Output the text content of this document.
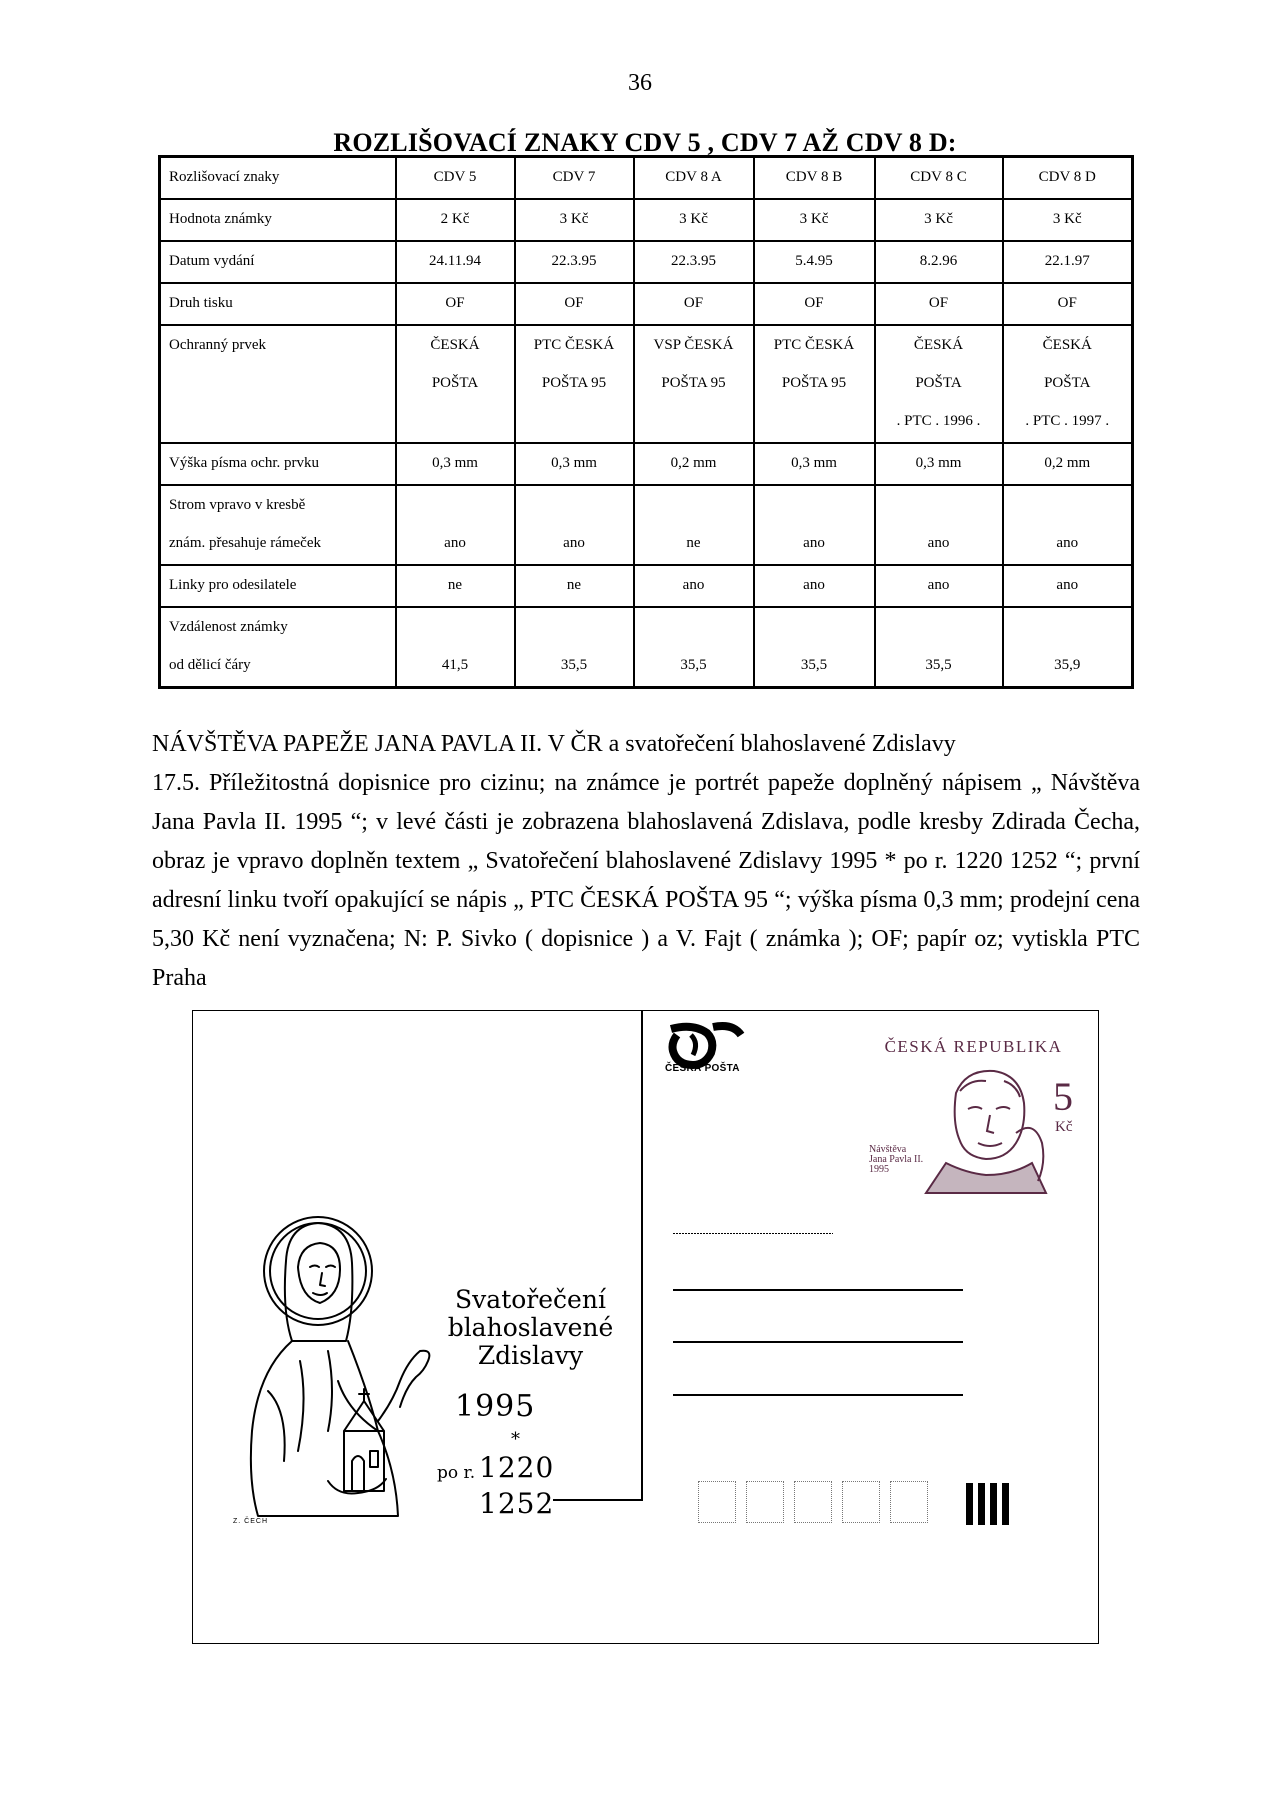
36
ROZLIŠOVACÍ ZNAKY CDV 5 , CDV 7 AŽ CDV 8 D:
Rozlišovací znaky	CDV 5	CDV 7	CDV 8 A	CDV 8 B	CDV 8 C	CDV 8 D

Hodnota známky	2 Kč	3 Kč	3 Kč	3 Kč	3 Kč	3 Kč

Datum vydání	24.11.94	22.3.95	22.3.95	5.4.95	8.2.96	22.1.97

Druh tisku	OF	OF	OF	OF	OF	OF

Ochranný prvek	ČESKÁ
POŠTA	PTC ČESKÁ
POŠTA 95	VSP ČESKÁ
POŠTA 95	PTC ČESKÁ
POŠTA 95	ČESKÁ
POŠTA
. PTC . 1996 .	ČESKÁ
POŠTA
. PTC . 1997 .

Výška písma ochr. prvku	0,3 mm	0,3 mm	0,2 mm	0,3 mm	0,3 mm	0,2 mm

Strom vpravo v kresbě
znám. přesahuje rámeček	ano	ano	ne	ano	ano	ano

Linky pro odesilatele	ne	ne	ano	ano	ano	ano

Vzdálenost známky
od dělicí čáry	41,5	35,5	35,5	35,5	35,5	35,9

NÁVŠTĚVA PAPEŽE JANA PAVLA II. V ČR a svatořečení blahoslavené Zdislavy

17.5. Příležitostná dopisnice pro cizinu; na známce je portrét papeže doplněný nápisem „ Návštěva Jana Pavla II. 1995 “; v levé části je zobrazena blahoslavená Zdislava, podle kresby Zdirada Čecha, obraz je vpravo doplněn textem „ Svatořečení blahoslavené Zdislavy 1995 * po r. 1220 1252 “; první adresní linku tvoří opakující se nápis „ PTC ČESKÁ POŠTA 95 “; výška písma 0,3 mm; prodejní cena 5,30 Kč není vyznačena; N: P. Sivko ( dopisnice ) a V. Fajt ( známka ); OF; papír oz; vytiskla PTC Praha

Svatořečení
blahoslavené
Zdislavy
1995
*
po r. 1220
1252
Z. ČECH
ČESKÁ POŠTA
ČESKÁ REPUBLIKA
5
Kč
Návštěva
Jana Pavla II.
1995
